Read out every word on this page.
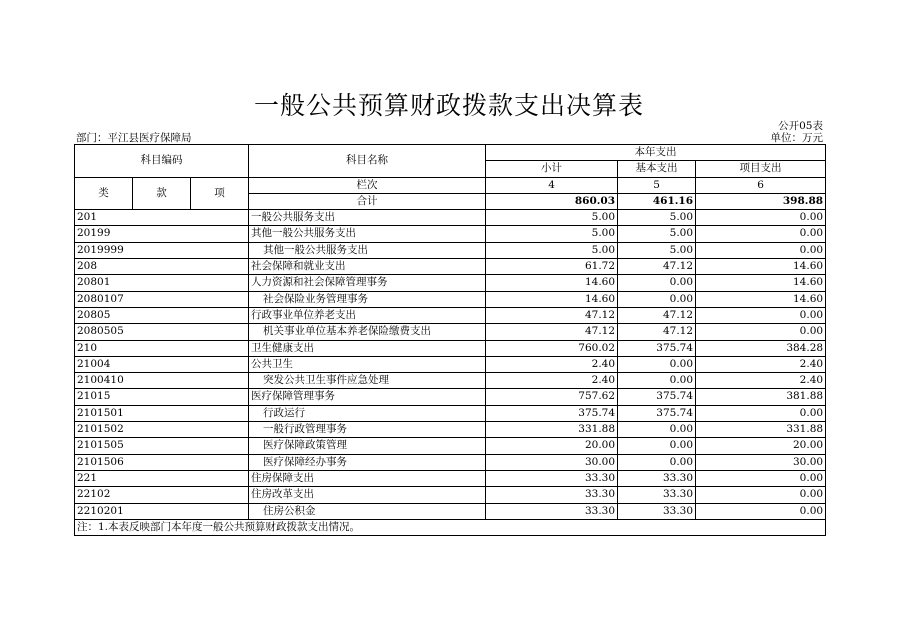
一般公共预算财政拨款支出决算表
公开05表
部门：平江县医疗保障局	单位：万元
科目编码			科目名称	本年支出		
				小计	基本支出	项目支出
类	款	项	栏次	4	5	6
			合计	860.03	461.16	398.88
201			一般公共服务支出	5.00	5.00	0.00
20199			其他一般公共服务支出	5.00	5.00	0.00
2019999			其他一般公共服务支出	5.00	5.00	0.00
208			社会保障和就业支出	61.72	47.12	14.60
20801			人力资源和社会保障管理事务	14.60	0.00	14.60
2080107			社会保险业务管理事务	14.60	0.00	14.60
20805			行政事业单位养老支出	47.12	47.12	0.00
2080505			机关事业单位基本养老保险缴费支出	47.12	47.12	0.00
210			卫生健康支出	760.02	375.74	384.28
21004			公共卫生	2.40	0.00	2.40
2100410			突发公共卫生事件应急处理	2.40	0.00	2.40
21015			医疗保障管理事务	757.62	375.74	381.88
2101501			行政运行	375.74	375.74	0.00
2101502			一般行政管理事务	331.88	0.00	331.88
2101505			医疗保障政策管理	20.00	0.00	20.00
2101506			医疗保障经办事务	30.00	0.00	30.00
221			住房保障支出	33.30	33.30	0.00
22102			住房改革支出	33.30	33.30	0.00
2210201			住房公积金	33.30	33.30	0.00
注：1.本表反映部门本年度一般公共预算财政拨款支出情况。						
